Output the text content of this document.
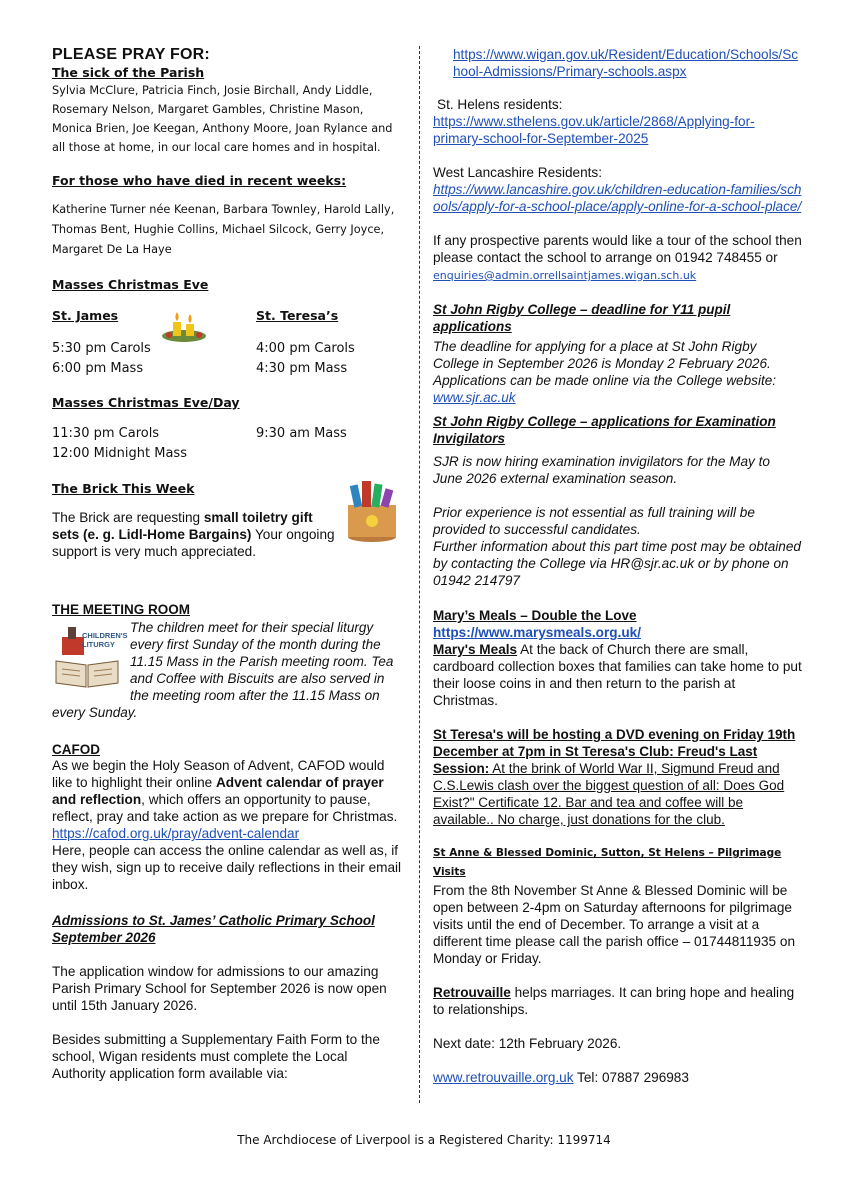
PLEASE PRAY FOR:

The sick of the Parish

Sylvia McClure, Patricia Finch, Josie Birchall, Andy Liddle, Rosemary Nelson, Margaret Gambles, Christine Mason, Monica Brien, Joe Keegan, Anthony Moore, Joan Rylance and all those at home, in our local care homes and in hospital.

For those who have died in recent weeks:

Katherine Turner née Keenan, Barbara Townley, Harold Lally, Thomas Bent, Hughie Collins, Michael Silcock, Gerry Joyce, Margaret De La Haye

Masses Christmas Eve

St. James

5:30 pm Carols

6:00 pm Mass

St. Teresa’s

4:00 pm Carols

4:30 pm Mass

Masses Christmas Eve/Day

11:30 pm Carols

12:00 Midnight Mass

9:30 am Mass

The Brick This Week

The Brick are requesting small toiletry gift sets (e. g. Lidl-Home Bargains) Your ongoing support is very much appreciated.

THE MEETING ROOM

CHILDREN'S
LITURGY

The children meet for their special liturgy every first Sunday of the month during the 11.15 Mass in the Parish meeting room. Tea and Coffee with Biscuits are also served in the meeting room after the 11.15 Mass on every Sunday.

CAFOD

As we begin the Holy Season of Advent, CAFOD would like to highlight their online Advent calendar of prayer and reflection, which offers an opportunity to pause, reflect, pray and take action as we prepare for Christmas.

https://cafod.org.uk/pray/advent-calendar

Here, people can access the online calendar as well as, if they wish, sign up to receive daily reflections in their email inbox.

Admissions to St. James’ Catholic Primary School September 2026

The application window for admissions to our amazing Parish Primary School for September 2026 is now open until 15th January 2026.

Besides submitting a Supplementary Faith Form to the school, Wigan residents must complete the Local Authority application form available via:

https://www.wigan.gov.uk/Resident/Education/Schools/School-Admissions/Primary-schools.aspx

St. Helens residents:

https://www.sthelens.gov.uk/article/2868/Applying-for-primary-school-for-September-2025

West Lancashire Residents:

https://www.lancashire.gov.uk/children-education-families/schools/apply-for-a-school-place/apply-online-for-a-school-place/

If any prospective parents would like a tour of the school then please contact the school to arrange on 01942 748455 or enquiries@admin.orrellsaintjames.wigan.sch.uk

St John Rigby College – deadline for Y11 pupil applications

The deadline for applying for a place at St John Rigby College in September 2026 is Monday 2 February 2026. Applications can be made online via the College website: www.sjr.ac.uk

St John Rigby College – applications for Examination Invigilators

SJR is now hiring examination invigilators for the May to June 2026 external examination season.

Prior experience is not essential as full training will be provided to successful candidates.

Further information about this part time post may be obtained by contacting the College via HR@sjr.ac.uk or by phone on 01942 214797

Mary’s Meals – Double the Love

https://www.marysmeals.org.uk/

Mary's Meals At the back of Church there are small, cardboard collection boxes that families can take home to put their loose coins in and then return to the parish at Christmas.

St Teresa's will be hosting a DVD evening on Friday 19th December at 7pm in St Teresa's Club: Freud's Last Session: At the brink of World War II, Sigmund Freud and C.S.Lewis clash over the biggest question of all: Does God Exist?" Certificate 12. Bar and tea and coffee will be available.. No charge, just donations for the club.

St Anne & Blessed Dominic, Sutton, St Helens – Pilgrimage Visits

From the 8th November St Anne & Blessed Dominic will be open between 2-4pm on Saturday afternoons for pilgrimage visits until the end of December. To arrange a visit at a different time please call the parish office – 01744811935 on Monday or Friday.

Retrouvaille helps marriages. It can bring hope and healing to relationships.

Next date: 12th February 2026.

www.retrouvaille.org.uk Tel: 07887 296983

The Archdiocese of Liverpool is a Registered Charity: 1199714
